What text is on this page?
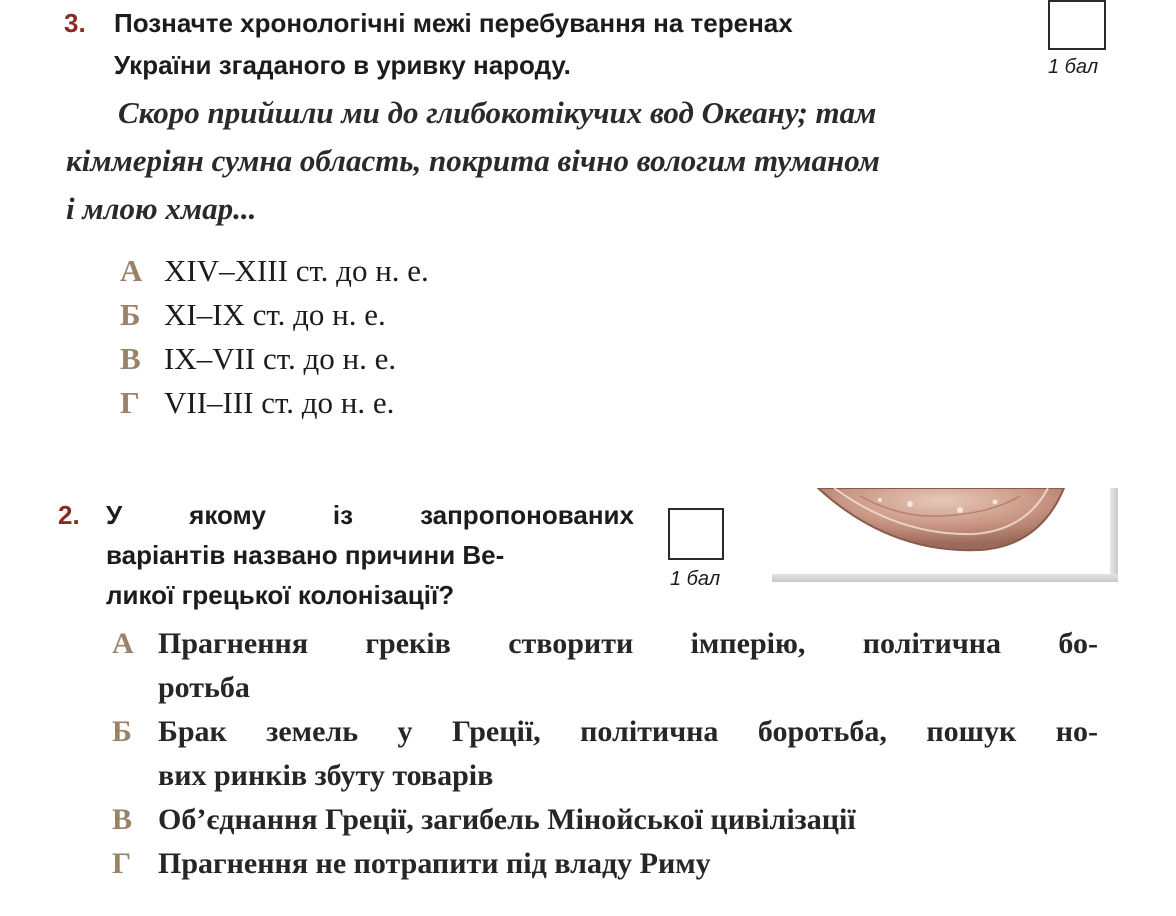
3. Позначте хронологічні межі перебування на теренах
України згаданого в уривку народу.	1 бал
Скоро прийшли ми до глибокотікучих вод Океану; там
кіммеріян сумна область, покрита вічно вологим туманом
і млою хмар...
А XIV–XIII ст. до н. е.
Б XI–IX ст. до н. е.
В IX–VII ст. до н. е.
Г VII–III ст. до н. е.
2. У якому із запропонованих
варіантів названо причини Ве-
ликої грецької колонізації?
1 бал
А Прагнення греків створити імперію, політична бо-
ротьба
Б Брак земель у Греції, політична боротьба, пошук но-
вих ринків збуту товарів
В Об’єднання Греції, загибель Мінойської цивілізації
Г Прагнення не потрапити під владу Риму
